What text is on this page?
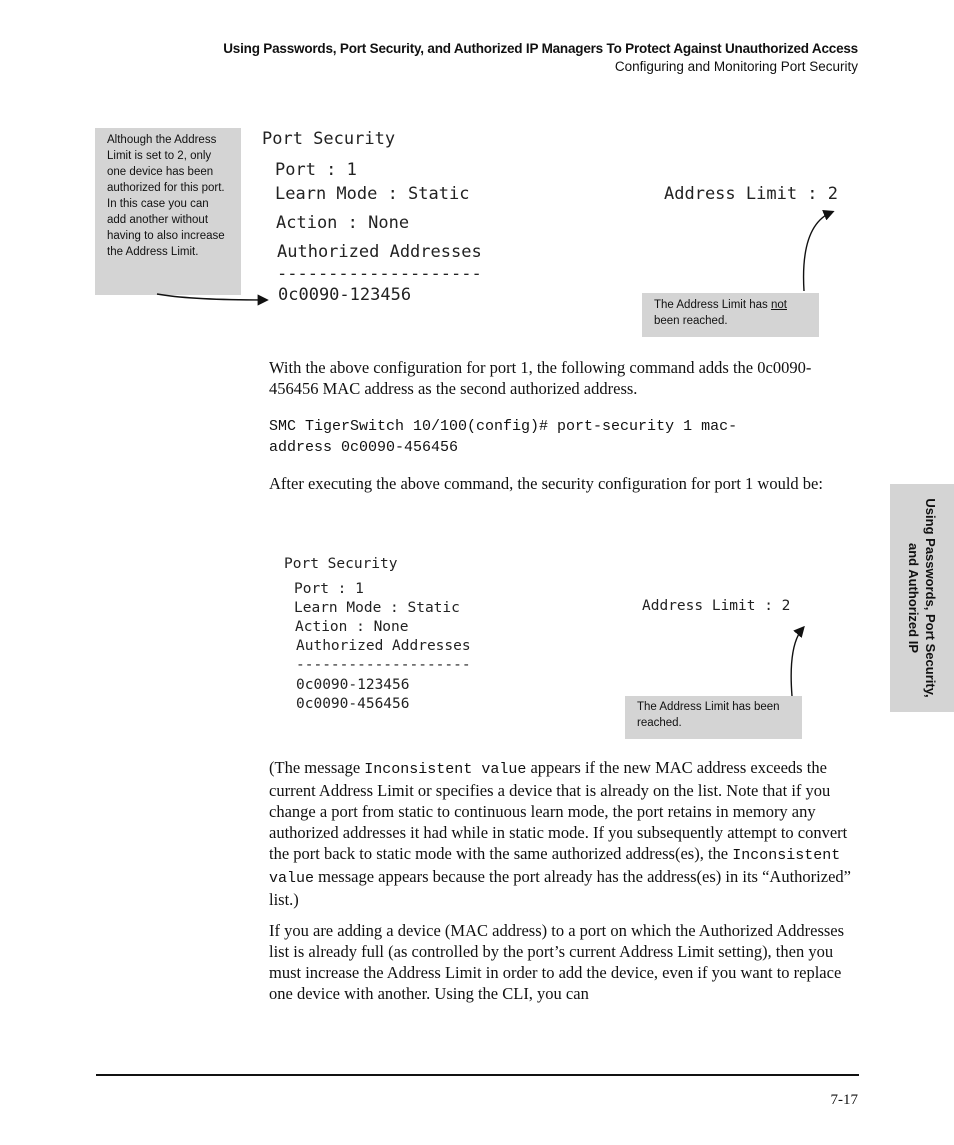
Using Passwords, Port Security, and Authorized IP Managers To Protect Against Unauthorized Access
Configuring and Monitoring Port Security
Although the Address Limit is set to 2, only one device has been authorized for this port. In this case you can add another without having to also increase the Address Limit.
Port Security
Port : 1
Learn Mode : Static
Action : None
Authorized Addresses
--------------------
0c0090-123456
Address Limit : 2
The Address Limit has not been reached.
With the above configuration for port 1, the following command adds the 0c0090-456456 MAC address as the second authorized address.
SMC TigerSwitch 10/100(config)# port-security 1 mac-
address 0c0090-456456
After executing the above command, the security configuration for port 1 would be:
Port Security
Port : 1
Learn Mode : Static
Action : None
Authorized Addresses
--------------------
0c0090-123456
0c0090-456456
Address Limit : 2
The Address Limit has been reached.
(The message Inconsistent value appears if the new MAC address exceeds the current Address Limit or specifies a device that is already on the list. Note that if you change a port from static to continuous learn mode, the port retains in memory any authorized addresses it had while in static mode. If you subsequently attempt to convert the port back to static mode with the same authorized address(es), the Inconsistent value message appears because the port already has the address(es) in its “Authorized” list.)
If you are adding a device (MAC address) to a port on which the Authorized Addresses list is already full (as controlled by the port’s current Address Limit setting), then you must increase the Address Limit in order to add the device, even if you want to replace one device with another. Using the CLI, you can
Using Passwords, Port Security, and Authorized IP
7-17
